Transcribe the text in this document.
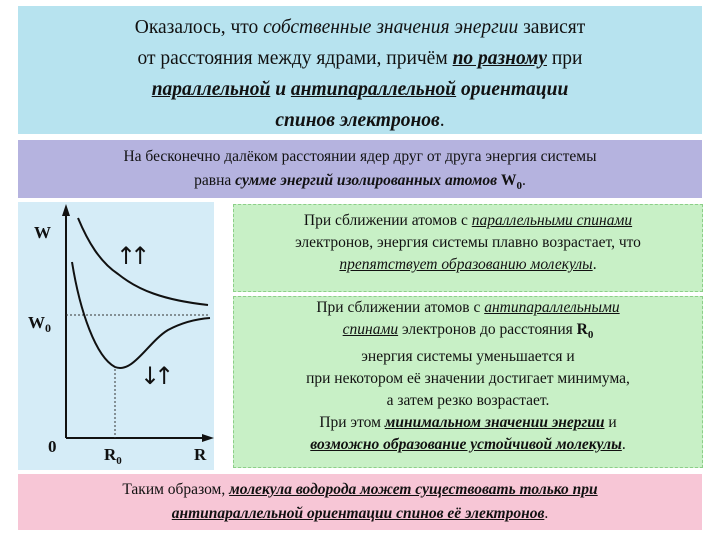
Оказалось, что собственные значения энергии зависят
от расстояния между ядрами, причём по разному при
параллельной и антипараллельной ориентации
спинов электронов.
На бесконечно далёком расстоянии ядер друг от друга энергия системы
равна сумме энергий изолированных атомов $W_0$.
W
$W_0$
0	$R_0$	R
↑↑
↓↑
При сближении атомов с параллельными спинами
электронов, энергия системы плавно возрастает, что
препятствует образованию молекулы.
При сближении атомов с антипараллельными
спинами электронов до расстояния $R_0$
энергия системы уменьшается и
при некотором её значении достигает минимума,
а затем резко возрастает.
При этом минимальном значении энергии и
возможно образование устойчивой молекулы.
Таким образом, молекула водорода может существовать только при
антипараллельной ориентации спинов её электронов.
